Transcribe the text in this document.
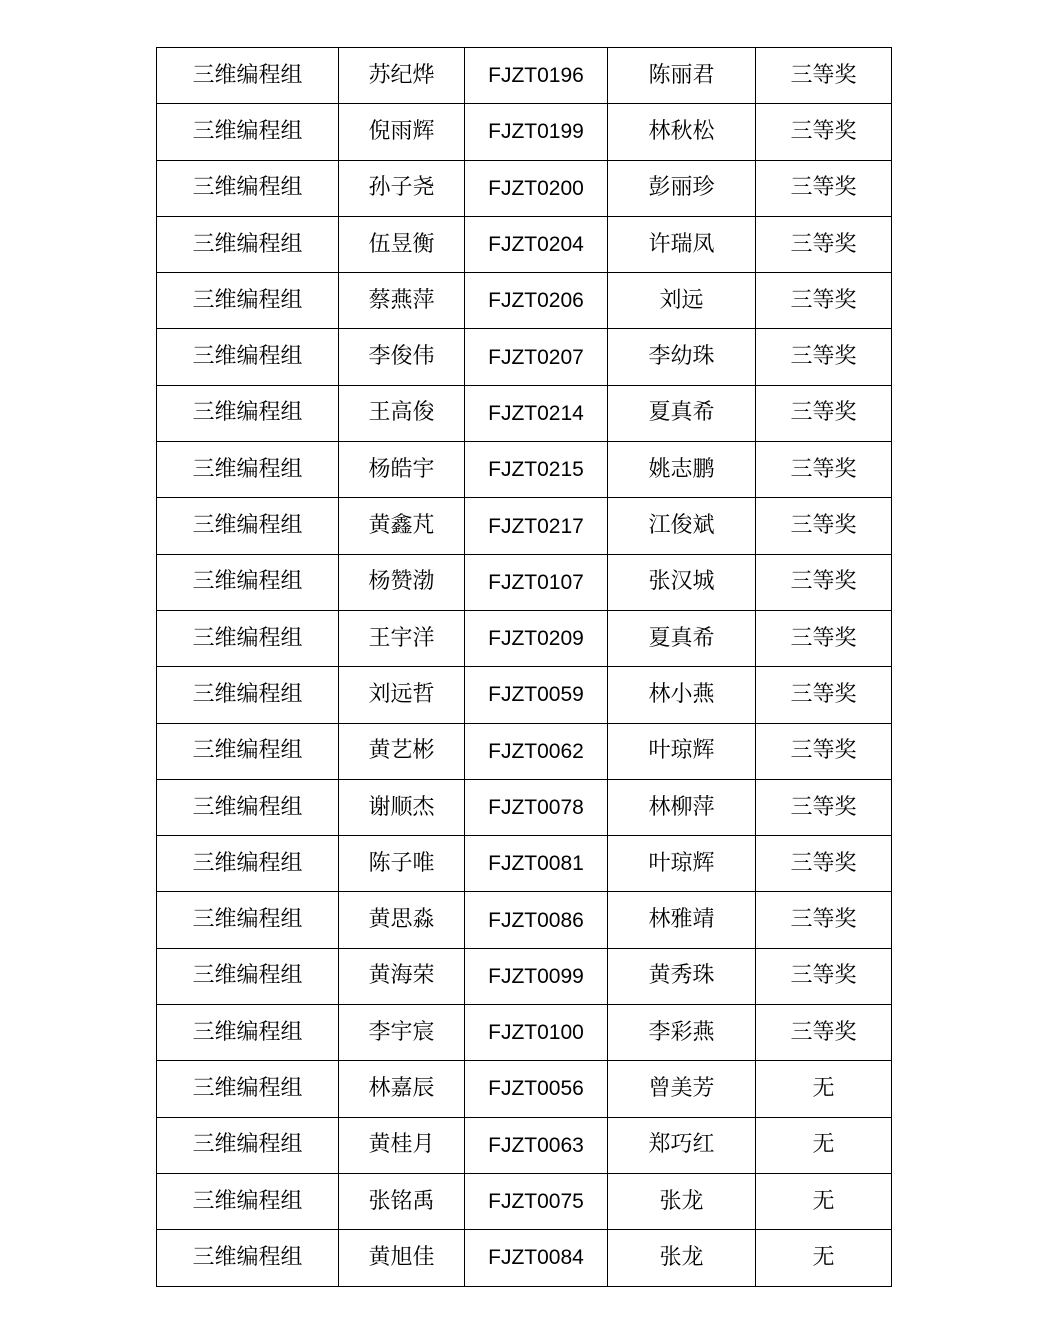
三维编程组	苏纪烨	FJZT0196	陈丽君	三等奖
三维编程组	倪雨辉	FJZT0199	林秋松	三等奖
三维编程组	孙子尧	FJZT0200	彭丽珍	三等奖
三维编程组	伍昱衡	FJZT0204	许瑞凤	三等奖
三维编程组	蔡燕萍	FJZT0206	刘远	三等奖
三维编程组	李俊伟	FJZT0207	李幼珠	三等奖
三维编程组	王高俊	FJZT0214	夏真希	三等奖
三维编程组	杨皓宇	FJZT0215	姚志鹏	三等奖
三维编程组	黄鑫芃	FJZT0217	江俊斌	三等奖
三维编程组	杨赞渤	FJZT0107	张汉城	三等奖
三维编程组	王宇洋	FJZT0209	夏真希	三等奖
三维编程组	刘远哲	FJZT0059	林小燕	三等奖
三维编程组	黄艺彬	FJZT0062	叶琼辉	三等奖
三维编程组	谢顺杰	FJZT0078	林柳萍	三等奖
三维编程组	陈子唯	FJZT0081	叶琼辉	三等奖
三维编程组	黄思淼	FJZT0086	林雅靖	三等奖
三维编程组	黄海荣	FJZT0099	黄秀珠	三等奖
三维编程组	李宇宸	FJZT0100	李彩燕	三等奖
三维编程组	林嘉辰	FJZT0056	曾美芳	无
三维编程组	黄桂月	FJZT0063	郑巧红	无
三维编程组	张铭禹	FJZT0075	张龙	无
三维编程组	黄旭佳	FJZT0084	张龙	无
